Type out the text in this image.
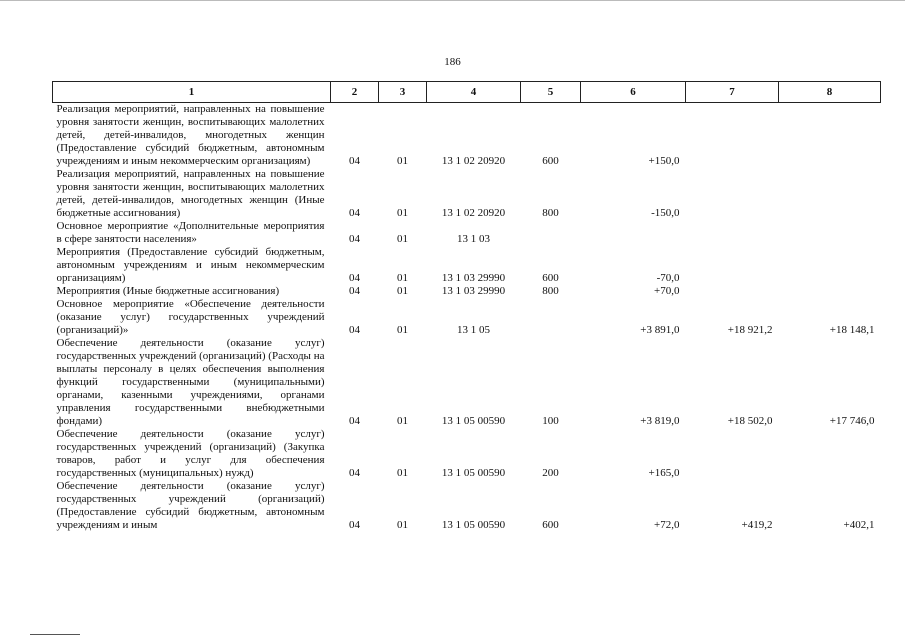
186
1	2	3	4	5	6	7	8
Реализация мероприятий, направленных на повышение уровня занятости женщин, воспитывающих малолетних детей, детей-инвалидов, многодетных женщин (Предоставление субсидий бюджетным, автономным учреждениям и иным некоммерческим организациям)	04	01	13 1 02 20920	600	+150,0		
Реализация мероприятий, направленных на повышение уровня занятости женщин, воспитывающих малолетних детей, детей-инвалидов, многодетных женщин (Иные бюджетные ассигнования)	04	01	13 1 02 20920	800	-150,0		
Основное мероприятие «Дополнительные мероприятия в сфере занятости населения»	04	01	13 1 03				
Мероприятия (Предоставление субсидий бюджетным, автономным учреждениям и иным некоммерческим организациям)	04	01	13 1 03 29990	600	-70,0		
Мероприятия (Иные бюджетные ассигнования)	04	01	13 1 03 29990	800	+70,0		
Основное мероприятие «Обеспечение деятельности (оказание услуг) государственных учреждений (организаций)»	04	01	13 1 05		+3 891,0	+18 921,2	+18 148,1
Обеспечение деятельности (оказание услуг) государственных учреждений (организаций) (Расходы на выплаты персоналу в целях обеспечения выполнения функций государственными (муниципальными) органами, казенными учреждениями, органами управления государственными внебюджетными фондами)	04	01	13 1 05 00590	100	+3 819,0	+18 502,0	+17 746,0
Обеспечение деятельности (оказание услуг) государственных учреждений (организаций) (Закупка товаров, работ и услуг для обеспечения государственных (муниципальных) нужд)	04	01	13 1 05 00590	200	+165,0		
Обеспечение деятельности (оказание услуг) государственных учреждений (организаций) (Предоставление субсидий бюджетным, автономным учреждениям и иным	04	01	13 1 05 00590	600	+72,0	+419,2	+402,1
